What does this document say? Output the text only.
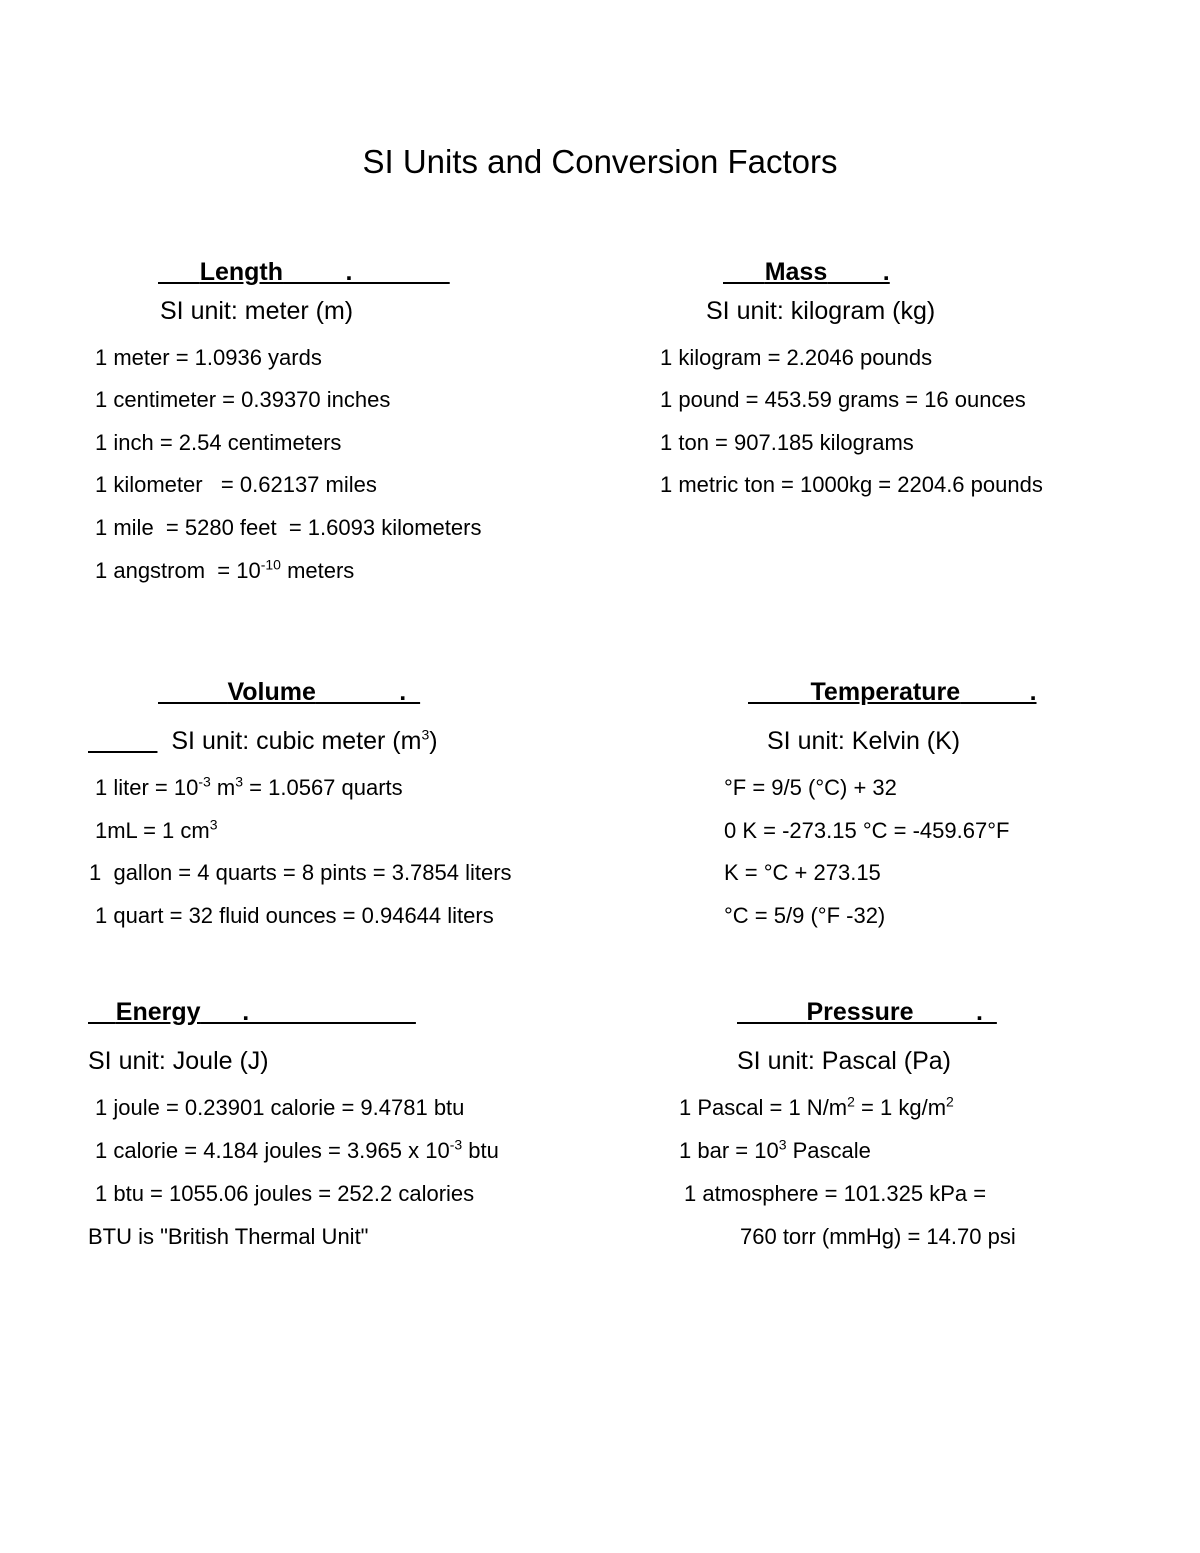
SI Units and Conversion Factors
Length         .
SI unit: meter (m)
1 meter = 1.0936 yards
1 centimeter = 0.39370 inches
1 inch = 2.54 centimeters
1 kilometer   = 0.62137 miles
1 mile  = 5280 feet  = 1.6093 kilometers
1 angstrom  = $10^{-10}$ meters
Mass        .
SI unit: kilogram (kg)
1 kilogram = 2.2046 pounds
1 pound = 453.59 grams = 16 ounces
1 ton = 907.185 kilograms
1 metric ton = 1000kg = 2204.6 pounds
Volume            .
SI unit: cubic meter $(m^3)$
1 liter = $10^{-3}$ $m^3 = 1.0567$ quarts
1mL = 1 $cm^3$
1  gallon = 4 quarts = 8 pints = 3.7854 liters
1 quart = 32 fluid ounces = 0.94644 liters
Temperature          .
SI unit: Kelvin (K)
°F = 9/5 (°C) + 32
0 K = -273.15 °C = -459.67°F
K = °C + 273.15
°C = 5/9 (°F -32)
Energy      .
SI unit: Joule (J)
1 joule = 0.23901 calorie = 9.4781 btu
1 calorie = 4.184 joules = 3.965 x $10^{-3}$ btu
1 btu = 1055.06 joules = 252.2 calories
BTU is "British Thermal Unit"
Pressure         .
SI unit: Pascal (Pa)
1 Pascal = 1 $N/m^2 = 1$ $kg/m^2$
1 bar = $10^3$ Pascale
1 atmosphere = 101.325 kPa =
760 torr (mmHg) = 14.70 psi
